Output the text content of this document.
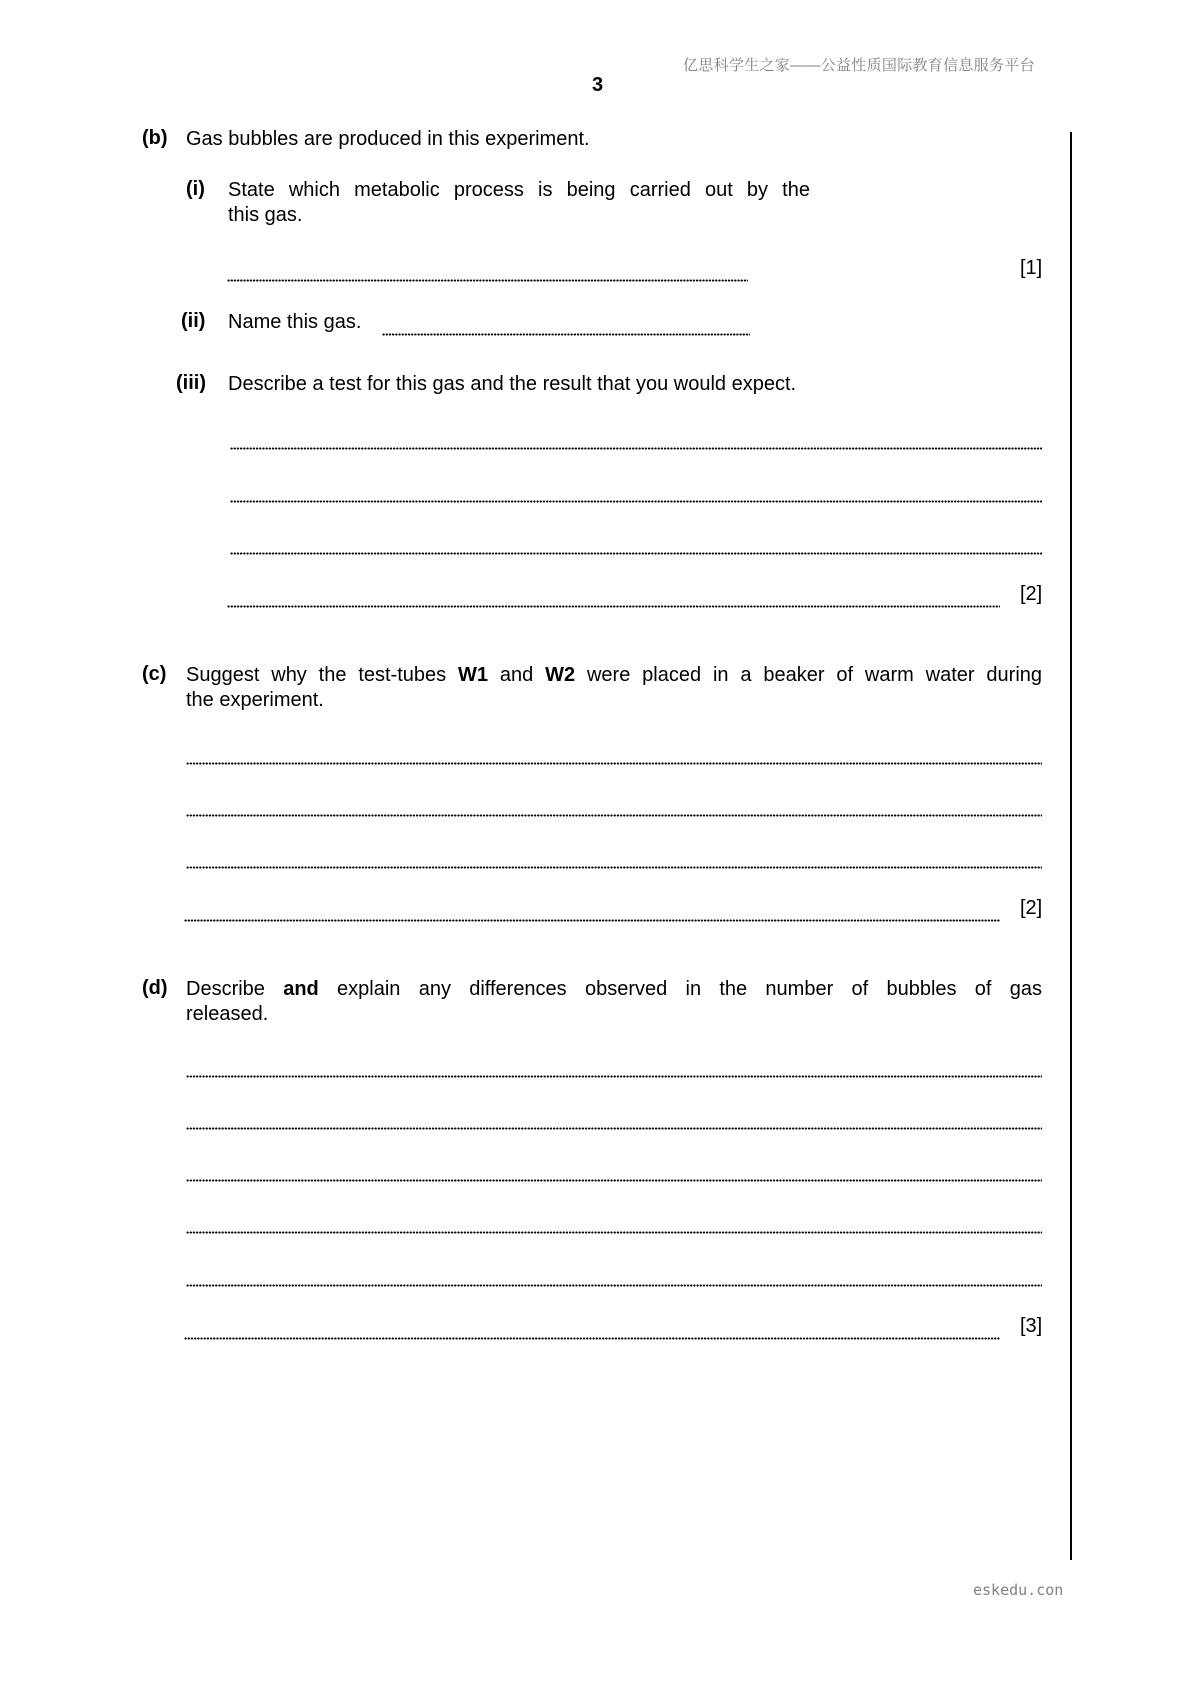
亿思科学生之家——公益性质国际教育信息服务平台
3
(b) Gas bubbles are produced in this experiment.
(i) State which metabolic process is being carried out by the
this gas.
[1]
(ii) Name this gas.
(iii) Describe a test for this gas and the result that you would expect.
[2]
(c) Suggest why the test-tubes W1 and W2 were placed in a beaker of warm water during
the experiment.
[2]
(d) Describe and explain any differences observed in the number of bubbles of gas
released.
[3]
eskedu.con
